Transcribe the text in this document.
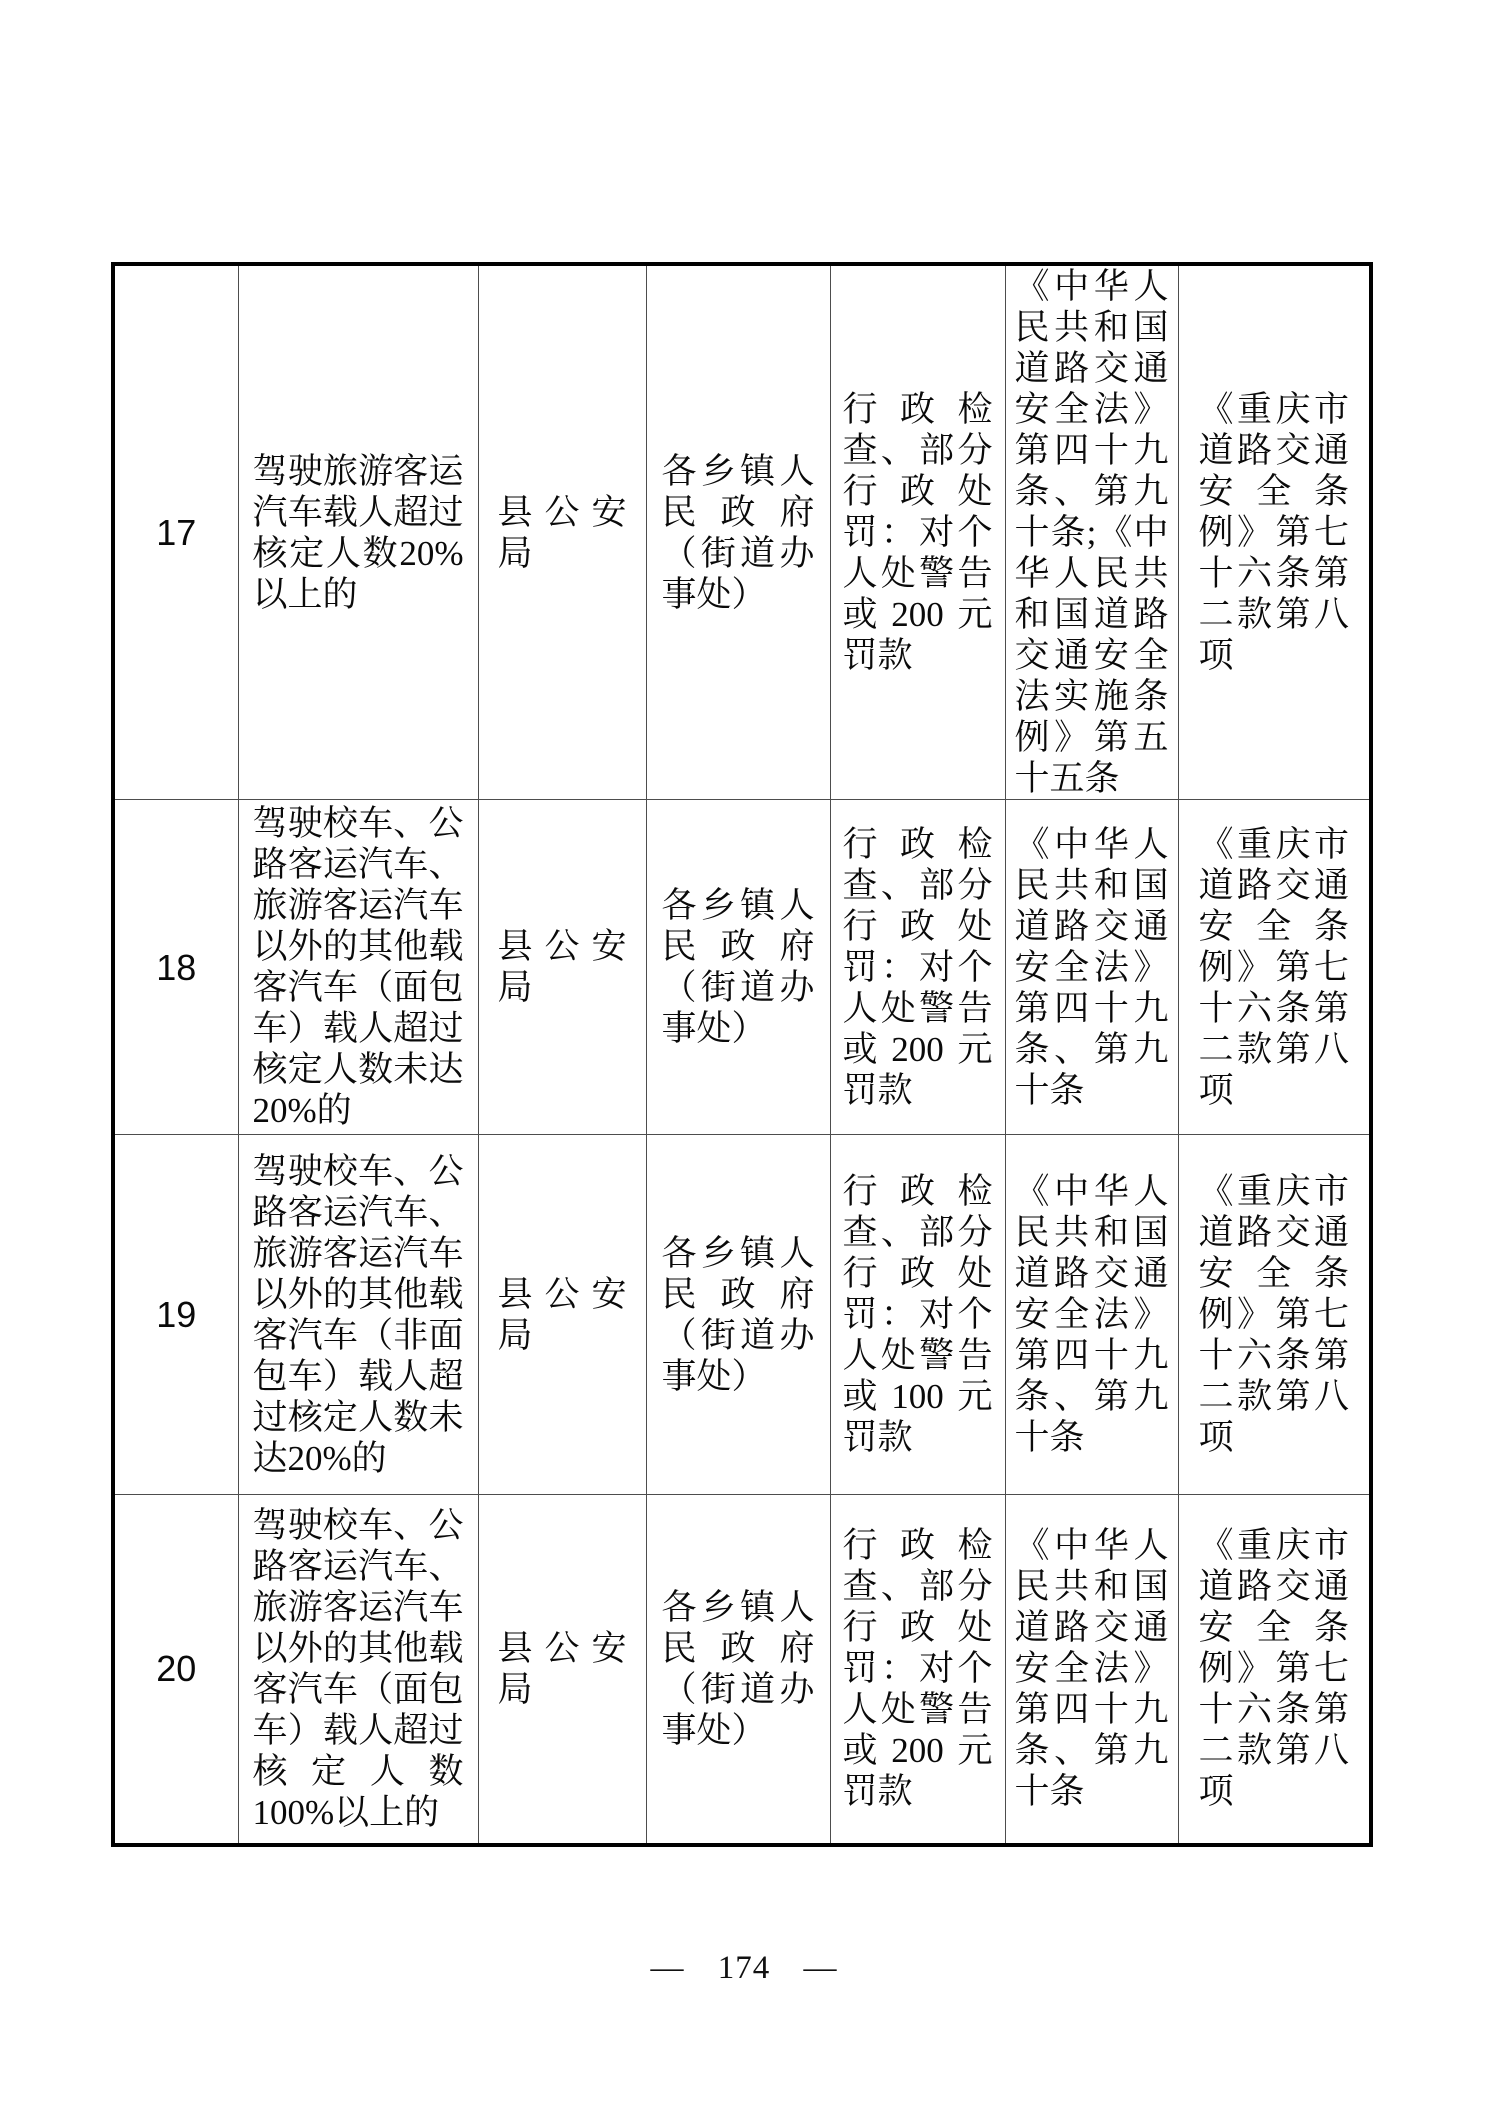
17	驾驶旅游客运汽车载人超过核定人数20%以上的	县公安局	各乡镇人民政府（街道办事处）	行政检查、部分行政处罚：对个人处警告或200元罚款	《中华人民共和国道路交通安全法》第四十九条、第九十条;《中华人民共和国道路交通安全法实施条例》第五十五条	《重庆市道路交通安全条例》第七十六条第二款第八项

18	驾驶校车、公路客运汽车、旅游客运汽车以外的其他载客汽车（面包车）载人超过核定人数未达20%的	县公安局	各乡镇人民政府（街道办事处）	行政检查、部分行政处罚：对个人处警告或200元罚款	《中华人民共和国道路交通安全法》第四十九条、第九十条	《重庆市道路交通安全条例》第七十六条第二款第八项

19	驾驶校车、公路客运汽车、旅游客运汽车以外的其他载客汽车（非面包车）载人超过核定人数未达20%的	县公安局	各乡镇人民政府（街道办事处）	行政检查、部分行政处罚：对个人处警告或100元罚款	《中华人民共和国道路交通安全法》第四十九条、第九十条	《重庆市道路交通安全条例》第七十六条第二款第八项

20	驾驶校车、公路客运汽车、旅游客运汽车以外的其他载客汽车（面包车）载人超过核定人数100%以上的	县公安局	各乡镇人民政府（街道办事处）	行政检查、部分行政处罚：对个人处警告或200元罚款	《中华人民共和国道路交通安全法》第四十九条、第九十条	《重庆市道路交通安全条例》第七十六条第二款第八项
— 174 —
